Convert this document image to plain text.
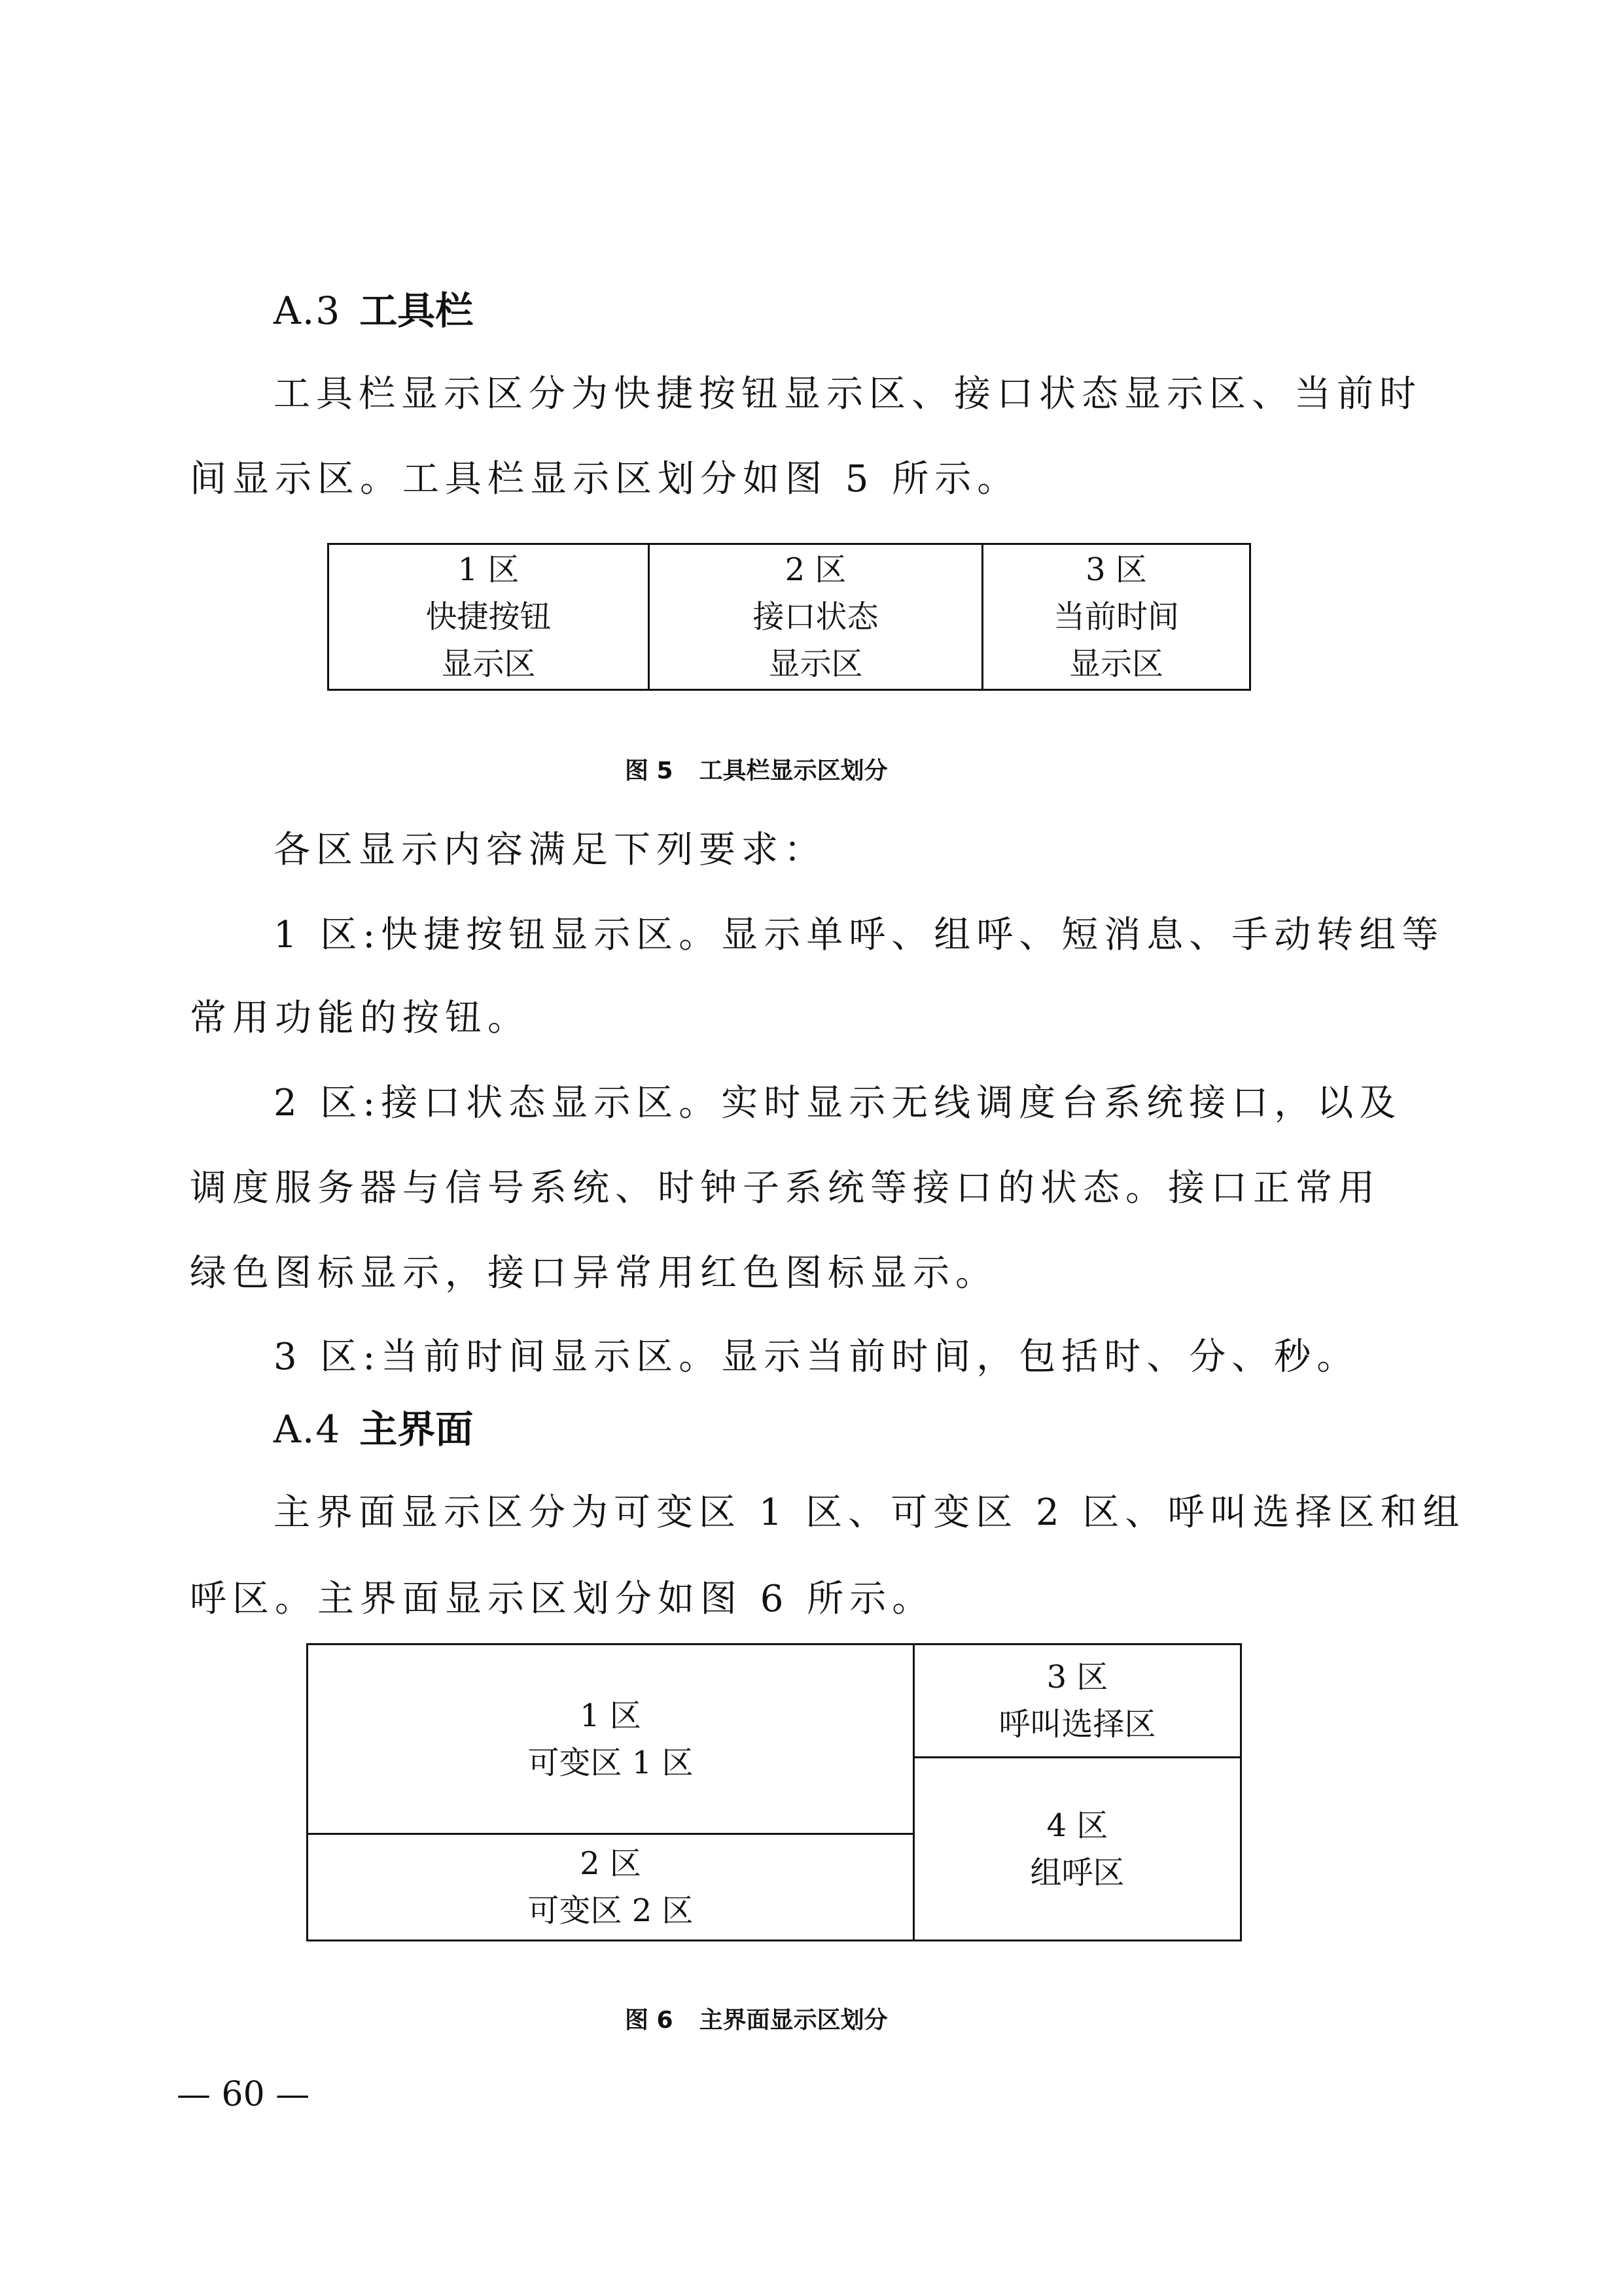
A.3 工具栏
工具栏显示区分为快捷按钮显示区、接口状态显示区、当前时
间显示区。工具栏显示区划分如图 5 所示。
1 区
快捷按钮
显示区
2 区
接口状态
显示区
3 区
当前时间
显示区
图 5 工具栏显示区划分
各区显示内容满足下列要求：
1 区:快捷按钮显示区。显示单呼、组呼、短消息、手动转组等
常用功能的按钮。
2 区:接口状态显示区。实时显示无线调度台系统接口，以及
调度服务器与信号系统、时钟子系统等接口的状态。接口正常用
绿色图标显示，接口异常用红色图标显示。
3 区:当前时间显示区。显示当前时间，包括时、分、秒。
A.4 主界面
主界面显示区分为可变区 1 区、可变区 2 区、呼叫选择区和组
呼区。主界面显示区划分如图 6 所示。
1 区
可变区 1 区
2 区
可变区 2 区
3 区
呼叫选择区
4 区
组呼区
图 6 主界面显示区划分
— 60 —
